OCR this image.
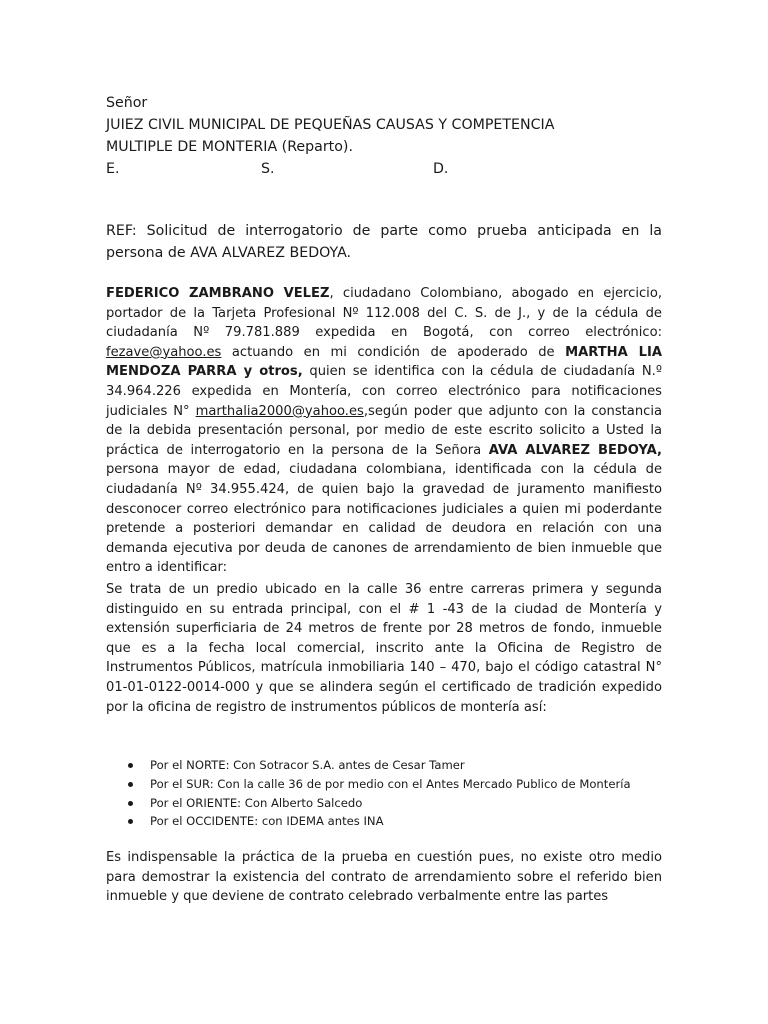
Señor
JUIEZ CIVIL MUNICIPAL DE PEQUEÑAS CAUSAS Y COMPETENCIA
MULTIPLE DE MONTERIA (Reparto).
E.	S.	D.
REF: Solicitud de interrogatorio de parte como prueba anticipada en la persona de AVA ALVAREZ BEDOYA.
FEDERICO ZAMBRANO VELEZ, ciudadano Colombiano, abogado en ejercicio, portador de la Tarjeta Profesional Nº 112.008 del C. S. de J., y de la cédula de ciudadanía Nº 79.781.889 expedida en Bogotá, con correo electrónico: fezave@yahoo.es actuando en mi condición de apoderado de MARTHA LIA MENDOZA PARRA y otros, quien se identifica con la cédula de ciudadanía N.º 34.964.226 expedida en Montería, con correo electrónico para notificaciones judiciales N° marthalia2000@yahoo.es,según poder que adjunto con la constancia de la debida presentación personal, por medio de este escrito solicito a Usted la práctica de interrogatorio en la persona de la Señora AVA ALVAREZ BEDOYA, persona mayor de edad, ciudadana colombiana, identificada con la cédula de ciudadanía Nº 34.955.424, de quien bajo la gravedad de juramento manifiesto desconocer correo electrónico para notificaciones judiciales a quien mi poderdante pretende a posteriori demandar en calidad de deudora en relación con una demanda ejecutiva por deuda de canones de arrendamiento de bien inmueble que entro a identificar:
Se trata de un predio ubicado en la calle 36 entre carreras primera y segunda distinguido en su entrada principal, con el # 1 -43 de la ciudad de Montería y extensión superficiaria de 24 metros de frente por 28 metros de fondo, inmueble que es a la fecha local comercial, inscrito ante la Oficina de Registro de Instrumentos Públicos, matrícula inmobiliaria 140 – 470, bajo el código catastral N° 01-01-0122-0014-000 y que se alindera según el certificado de tradición expedido por la oficina de registro de instrumentos públicos de montería así:
Por el NORTE: Con Sotracor S.A. antes de Cesar Tamer
Por el SUR: Con la calle 36 de por medio con el Antes Mercado Publico de Montería
Por el ORIENTE: Con Alberto Salcedo
Por el OCCIDENTE: con IDEMA antes INA
Es indispensable la práctica de la prueba en cuestión pues, no existe otro medio para demostrar la existencia del contrato de arrendamiento sobre el referido bien inmueble y que deviene de contrato celebrado verbalmente entre las partes
